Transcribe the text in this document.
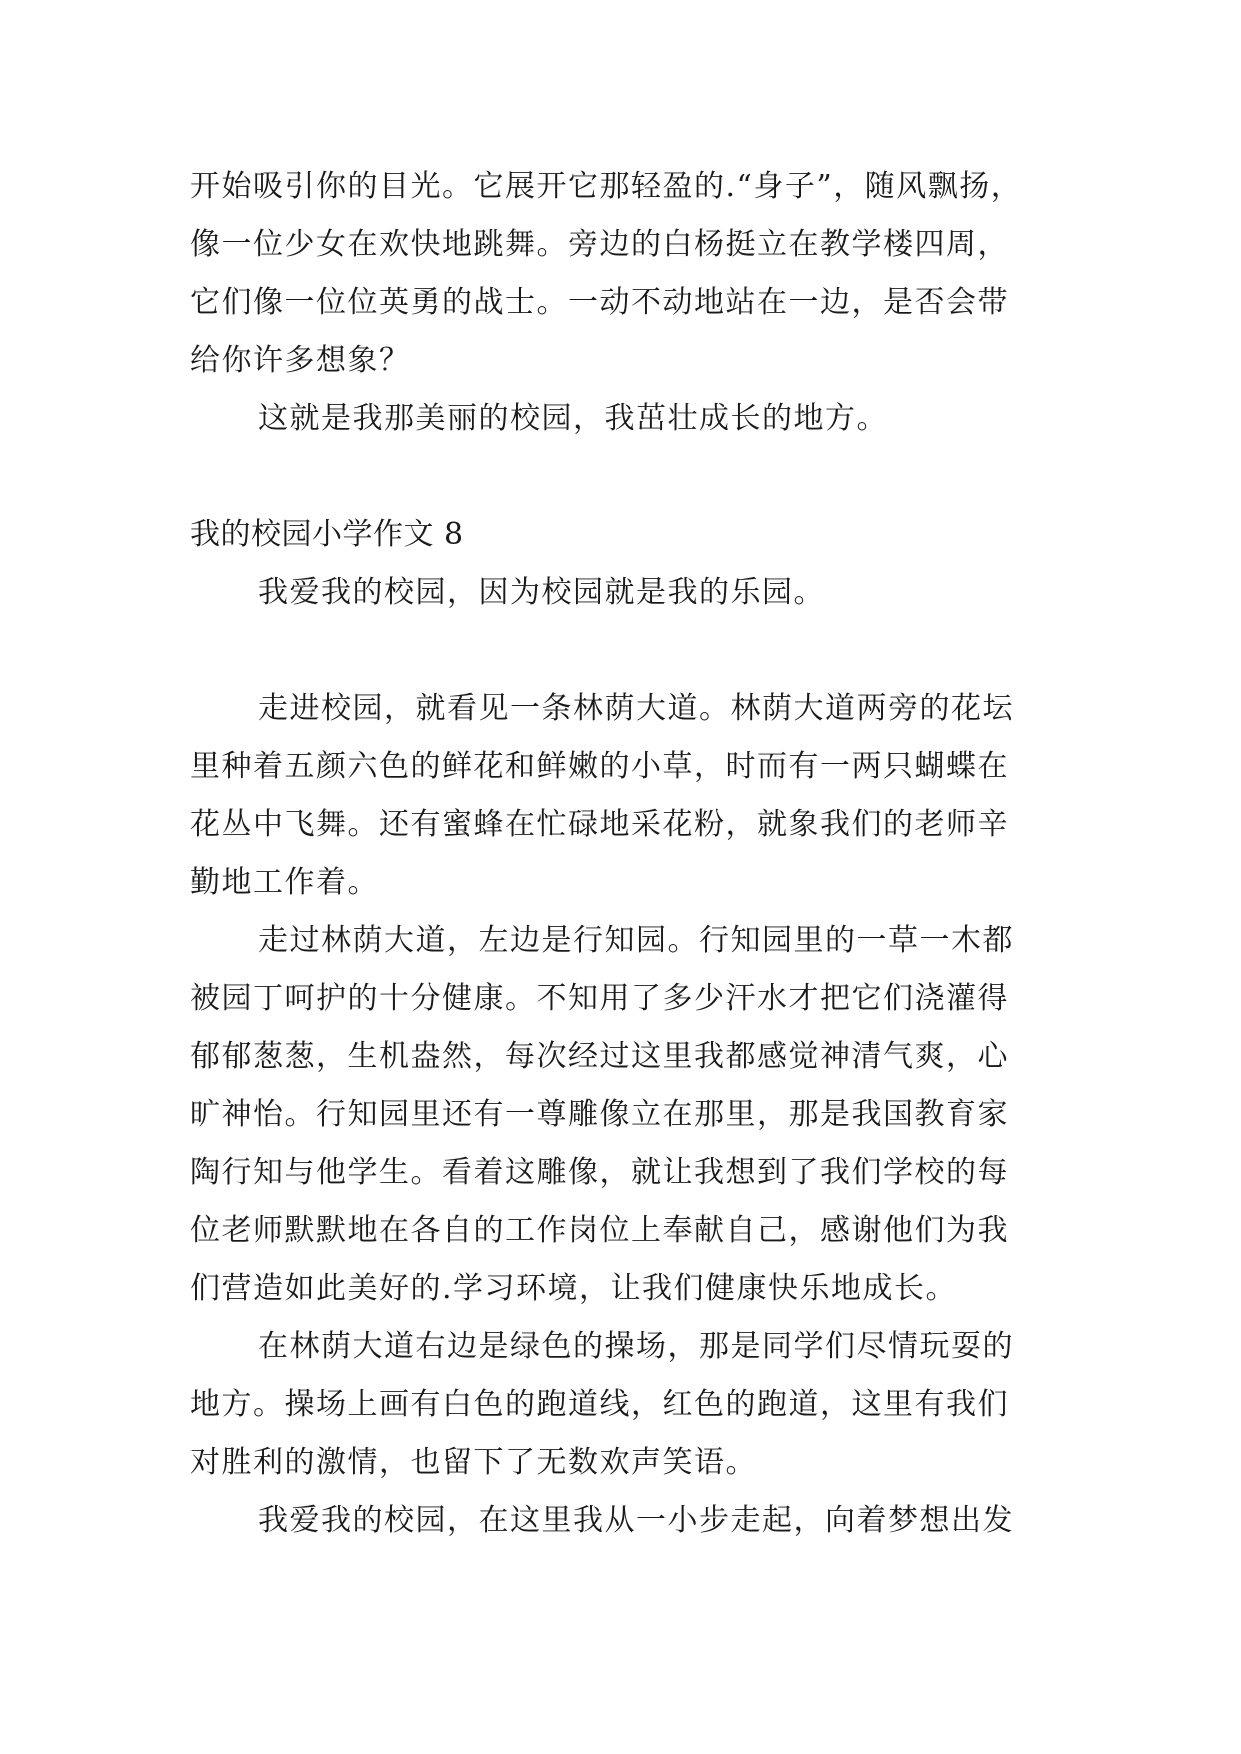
开始吸引你的目光。它展开它那轻盈的.“身子”，随风飘扬，

像一位少女在欢快地跳舞。旁边的白杨挺立在教学楼四周，

它们像一位位英勇的战士。一动不动地站在一边，是否会带

给你许多想象？

这就是我那美丽的校园，我茁壮成长的地方。

我的校园小学作文 8

我爱我的校园，因为校园就是我的乐园。

走进校园，就看见一条林荫大道。林荫大道两旁的花坛

里种着五颜六色的鲜花和鲜嫩的小草，时而有一两只蝴蝶在

花丛中飞舞。还有蜜蜂在忙碌地采花粉，就象我们的老师辛

勤地工作着。

走过林荫大道，左边是行知园。行知园里的一草一木都

被园丁呵护的十分健康。不知用了多少汗水才把它们浇灌得

郁郁葱葱，生机盎然，每次经过这里我都感觉神清气爽，心

旷神怡。行知园里还有一尊雕像立在那里，那是我国教育家

陶行知与他学生。看着这雕像，就让我想到了我们学校的每

位老师默默地在各自的工作岗位上奉献自己，感谢他们为我

们营造如此美好的.学习环境，让我们健康快乐地成长。

在林荫大道右边是绿色的操场，那是同学们尽情玩耍的

地方。操场上画有白色的跑道线，红色的跑道，这里有我们

对胜利的激情，也留下了无数欢声笑语。

我爱我的校园，在这里我从一小步走起，向着梦想出发
